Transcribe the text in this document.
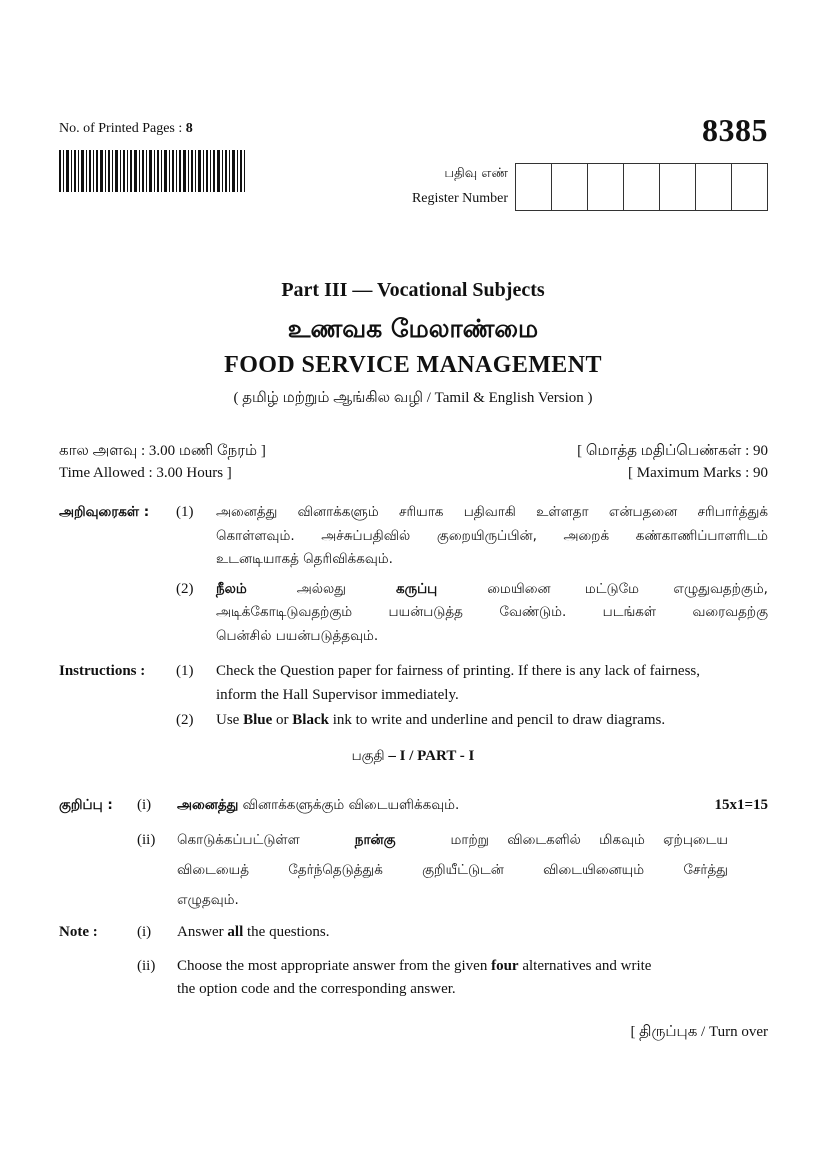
No. of Printed Pages : 8	8385
பதிவு எண்
Register Number
Part III — Vocational Subjects
உணவக மேலாண்மை
FOOD SERVICE MANAGEMENT
( தமிழ் மற்றும் ஆங்கில வழி / Tamil & English Version )
கால அளவு : 3.00 மணி நேரம் ]	[ மொத்த மதிப்பெண்கள் : 90
Time Allowed : 3.00 Hours ]	[ Maximum Marks : 90
அறிவுரைகள் :	(1)	அனைத்து வினாக்களும் சரியாக பதிவாகி உள்ளதா என்பதனை சரிபார்த்துக்
கொள்ளவும். அச்சுப்பதிவில் குறையிருப்பின், அறைக் கண்காணிப்பாளரிடம்
உடனடியாகத் தெரிவிக்கவும்.
(2)	நீலம்	அல்லது	கருப்பு	மையினை மட்டுமே எழுதுவதற்கும்,
அடிக்கோடிடுவதற்கும் பயன்படுத்த வேண்டும். படங்கள் வரைவதற்கு
பென்சில் பயன்படுத்தவும்.
Instructions :	(1)	Check the Question paper for fairness of printing. If there is any lack of fairness,
inform the Hall Supervisor immediately.
(2)	Use Blue or Black ink to write and underline and pencil to draw diagrams.
பகுதி – I / PART - I
குறிப்பு :	(i)	அனைத்து வினாக்களுக்கும் விடையளிக்கவும்.	15x1=15
(ii)	கொடுக்கப்பட்டுள்ள	நான்கு	மாற்று விடைகளில் மிகவும் ஏற்புடைய
விடையைத் தேர்ந்தெடுத்துக் குறியீட்டுடன் விடையினையும் சேர்த்து
எழுதவும்.
Note :	(i)	Answer all the questions.
(ii)	Choose the most appropriate answer from the given four alternatives and write
the option code and the corresponding answer.
[ திருப்புக / Turn over
